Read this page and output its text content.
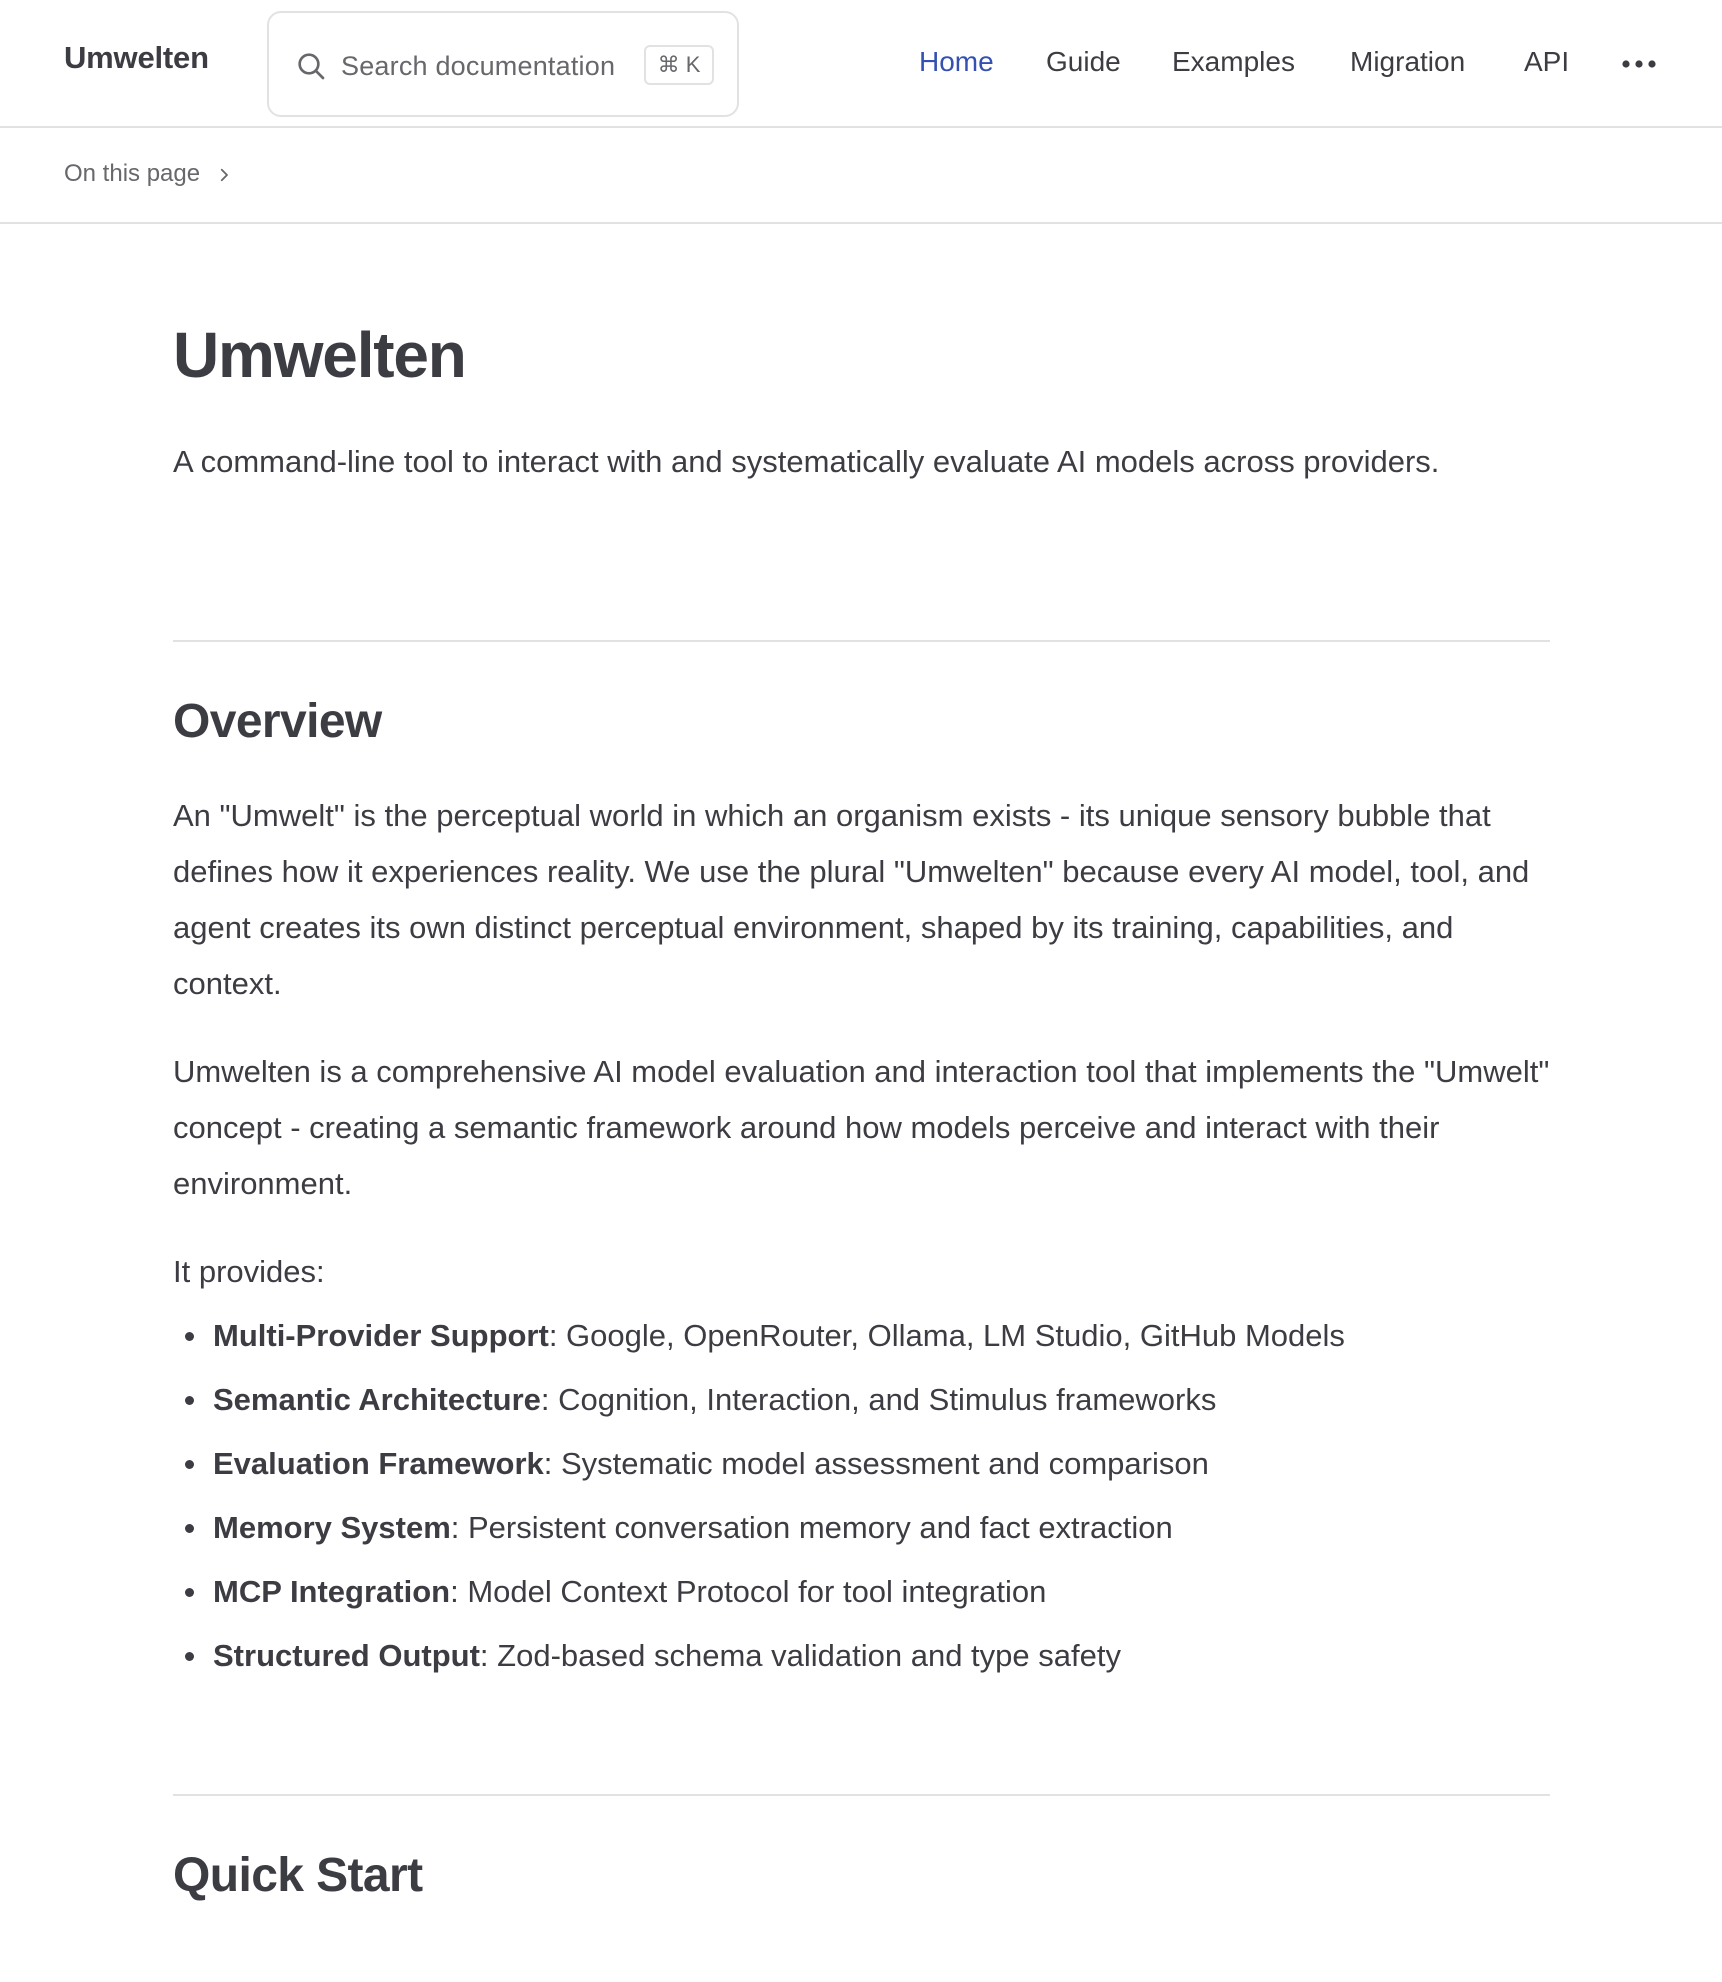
Umwelten	Search documentation	⌘ K	Home Guide Examples Migration API
On this page
Umwelten

A command-line tool to interact with and systematically evaluate AI models across providers.

Overview

An "Umwelt" is the perceptual world in which an organism exists - its unique sensory bubble that defines how it experiences reality. We use the plural "Umwelten" because every AI model, tool, and agent creates its own distinct perceptual environment, shaped by its training, capabilities, and context.

Umwelten is a comprehensive AI model evaluation and interaction tool that implements the "Umwelt" concept - creating a semantic framework around how models perceive and interact with their environment.

It provides:

Multi-Provider Support: Google, OpenRouter, Ollama, LM Studio, GitHub Models
Semantic Architecture: Cognition, Interaction, and Stimulus frameworks
Evaluation Framework: Systematic model assessment and comparison
Memory System: Persistent conversation memory and fact extraction
MCP Integration: Model Context Protocol for tool integration
Structured Output: Zod-based schema validation and type safety
Quick Start
